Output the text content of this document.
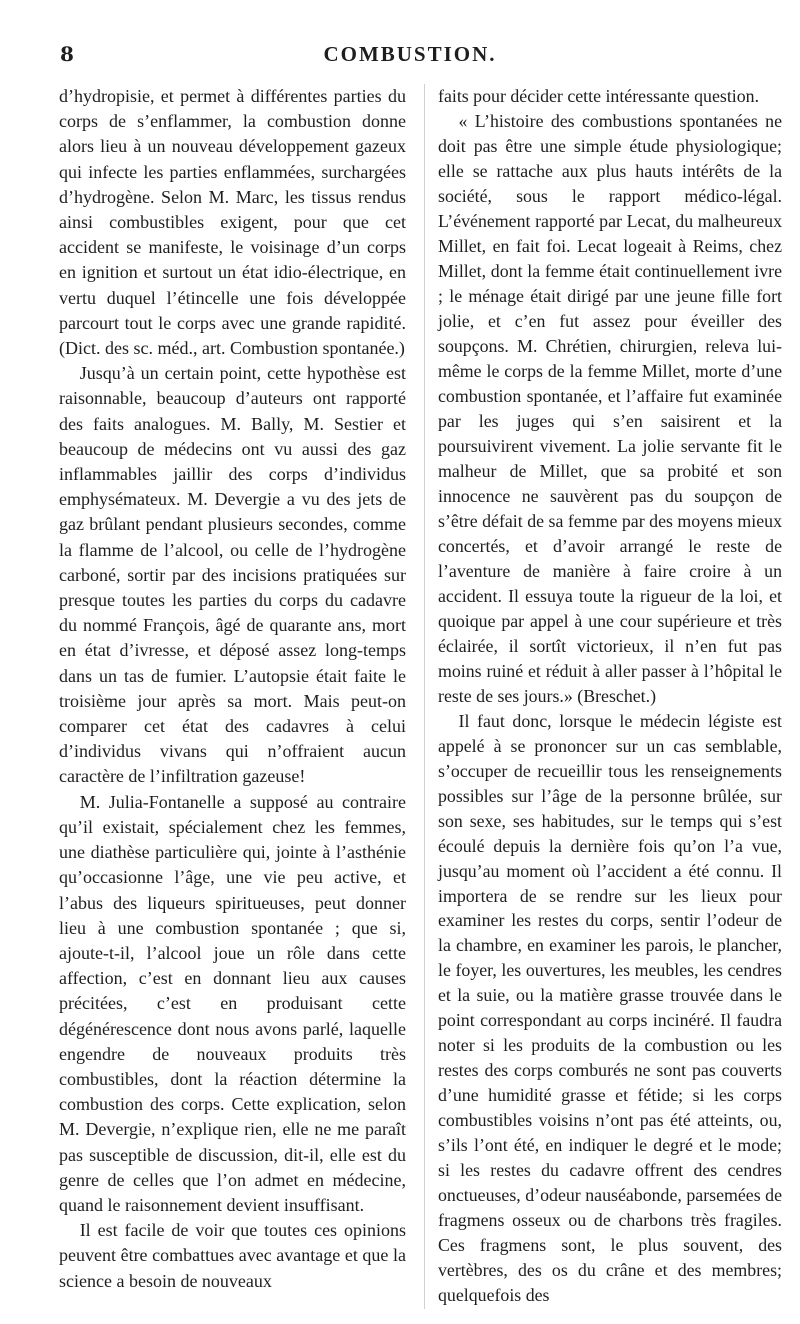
8	COMBUSTION.

d’hydropisie, et permet à différentes parties du corps de s’enflammer, la combustion donne alors lieu à un nouveau développement gazeux qui infecte les parties enflammées, surchargées d’hydrogène. Selon M. Marc, les tissus rendus ainsi combustibles exigent, pour que cet accident se manifeste, le voisinage d’un corps en ignition et surtout un état idio-électrique, en vertu duquel l’étincelle une fois développée parcourt tout le corps avec une grande rapidité. (Dict. des sc. méd., art. Combustion spontanée.)

Jusqu’à un certain point, cette hypothèse est raisonnable, beaucoup d’auteurs ont rapporté des faits analogues. M. Bally, M. Sestier et beaucoup de médecins ont vu aussi des gaz inflammables jaillir des corps d’individus emphysémateux. M. Devergie a vu des jets de gaz brûlant pendant plusieurs secondes, comme la flamme de l’alcool, ou celle de l’hydrogène carboné, sortir par des incisions pratiquées sur presque toutes les parties du corps du cadavre du nommé François, âgé de quarante ans, mort en état d’ivresse, et déposé assez long-temps dans un tas de fumier. L’autopsie était faite le troisième jour après sa mort. Mais peut-on comparer cet état des cadavres à celui d’individus vivans qui n’offraient aucun caractère de l’infiltration gazeuse!

M. Julia-Fontanelle a supposé au contraire qu’il existait, spécialement chez les femmes, une diathèse particulière qui, jointe à l’asthénie qu’occasionne l’âge, une vie peu active, et l’abus des liqueurs spiritueuses, peut donner lieu à une combustion spontanée ; que si, ajoute-t-il, l’alcool joue un rôle dans cette affection, c’est en donnant lieu aux causes précitées, c’est en produisant cette dégénérescence dont nous avons parlé, laquelle engendre de nouveaux produits très combustibles, dont la réaction détermine la combustion des corps. Cette explication, selon M. Devergie, n’explique rien, elle ne me paraît pas susceptible de discussion, dit-il, elle est du genre de celles que l’on admet en médecine, quand le raisonnement devient insuffisant.

Il est facile de voir que toutes ces opinions peuvent être combattues avec avantage et que la science a besoin de nouveaux

faits pour décider cette intéressante question.

« L’histoire des combustions spontanées ne doit pas être une simple étude physiologique; elle se rattache aux plus hauts intérêts de la société, sous le rapport médico-légal. L’événement rapporté par Lecat, du malheureux Millet, en fait foi. Lecat logeait à Reims, chez Millet, dont la femme était continuellement ivre ; le ménage était dirigé par une jeune fille fort jolie, et c’en fut assez pour éveiller des soupçons. M. Chrétien, chirurgien, releva lui-même le corps de la femme Millet, morte d’une combustion spontanée, et l’affaire fut examinée par les juges qui s’en saisirent et la poursuivirent vivement. La jolie servante fit le malheur de Millet, que sa probité et son innocence ne sauvèrent pas du soupçon de s’être défait de sa femme par des moyens mieux concertés, et d’avoir arrangé le reste de l’aventure de manière à faire croire à un accident. Il essuya toute la rigueur de la loi, et quoique par appel à une cour supérieure et très éclairée, il sortît victorieux, il n’en fut pas moins ruiné et réduit à aller passer à l’hôpital le reste de ses jours.» (Breschet.)

Il faut donc, lorsque le médecin légiste est appelé à se prononcer sur un cas semblable, s’occuper de recueillir tous les renseignements possibles sur l’âge de la personne brûlée, sur son sexe, ses habitudes, sur le temps qui s’est écoulé depuis la dernière fois qu’on l’a vue, jusqu’au moment où l’accident a été connu. Il importera de se rendre sur les lieux pour examiner les restes du corps, sentir l’odeur de la chambre, en examiner les parois, le plancher, le foyer, les ouvertures, les meubles, les cendres et la suie, ou la matière grasse trouvée dans le point correspondant au corps incinéré. Il faudra noter si les produits de la combustion ou les restes des corps comburés ne sont pas couverts d’une humidité grasse et fétide; si les corps combustibles voisins n’ont pas été atteints, ou, s’ils l’ont été, en indiquer le degré et le mode; si les restes du cadavre offrent des cendres onctueuses, d’odeur nauséabonde, parsemées de fragmens osseux ou de charbons très fragiles. Ces fragmens sont, le plus souvent, des vertèbres, des os du crâne et des membres; quelquefois des
